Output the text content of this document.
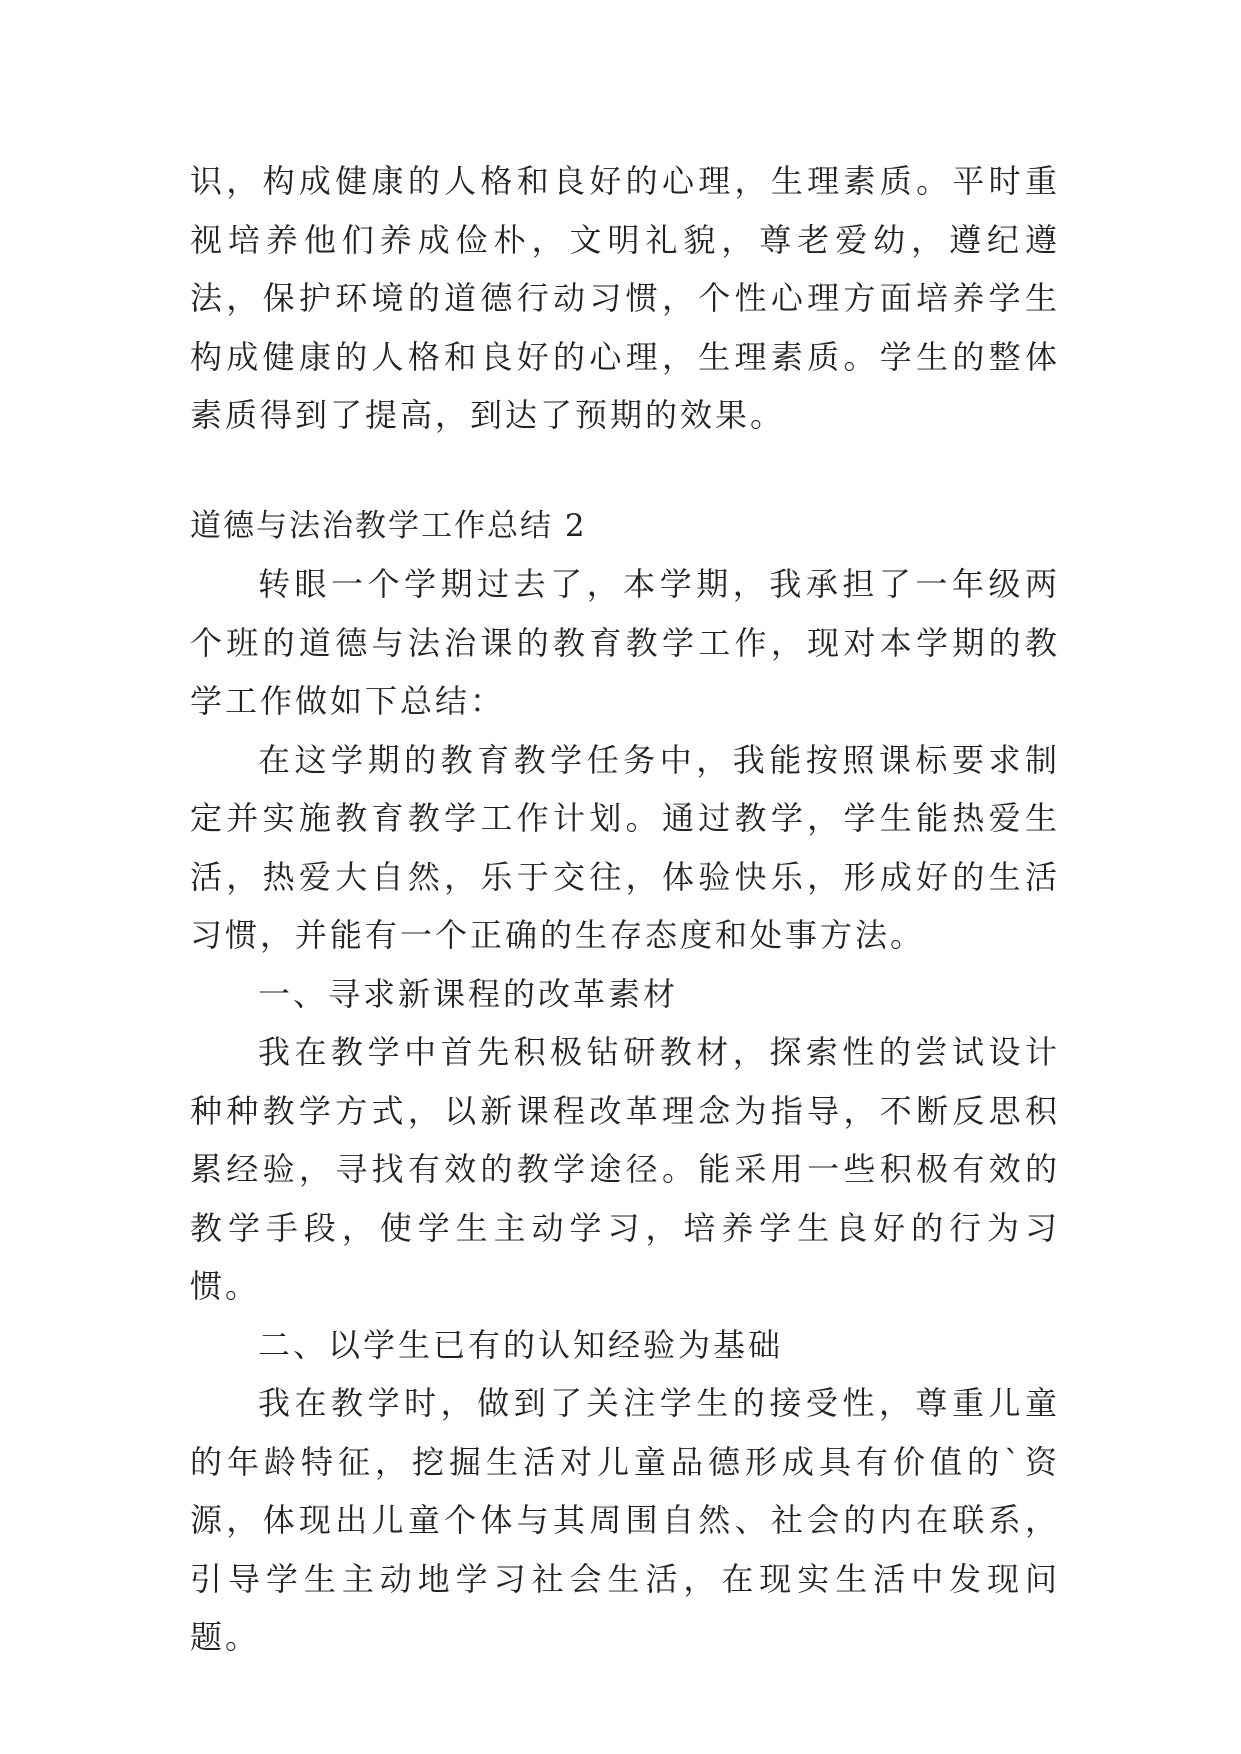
识，构成健康的人格和良好的心理，生理素质。平时重视培养他们养成俭朴，文明礼貌，尊老爱幼，遵纪遵法，保护环境的道德行动习惯，个性心理方面培养学生构成健康的人格和良好的心理，生理素质。学生的整体素质得到了提高，到达了预期的效果。

道德与法治教学工作总结 2

转眼一个学期过去了，本学期，我承担了一年级两个班的道德与法治课的教育教学工作，现对本学期的教学工作做如下总结：

在这学期的教育教学任务中，我能按照课标要求制定并实施教育教学工作计划。通过教学，学生能热爱生活，热爱大自然，乐于交往，体验快乐，形成好的生活习惯，并能有一个正确的生存态度和处事方法。

一、寻求新课程的改革素材

我在教学中首先积极钻研教材，探索性的尝试设计种种教学方式，以新课程改革理念为指导，不断反思积累经验，寻找有效的教学途径。能采用一些积极有效的教学手段，使学生主动学习，培养学生良好的行为习惯。

二、以学生已有的认知经验为基础

我在教学时，做到了关注学生的接受性，尊重儿童的年龄特征，挖掘生活对儿童品德形成具有价值的`资源，体现出儿童个体与其周围自然、社会的内在联系，引导学生主动地学习社会生活，在现实生活中发现问题。
